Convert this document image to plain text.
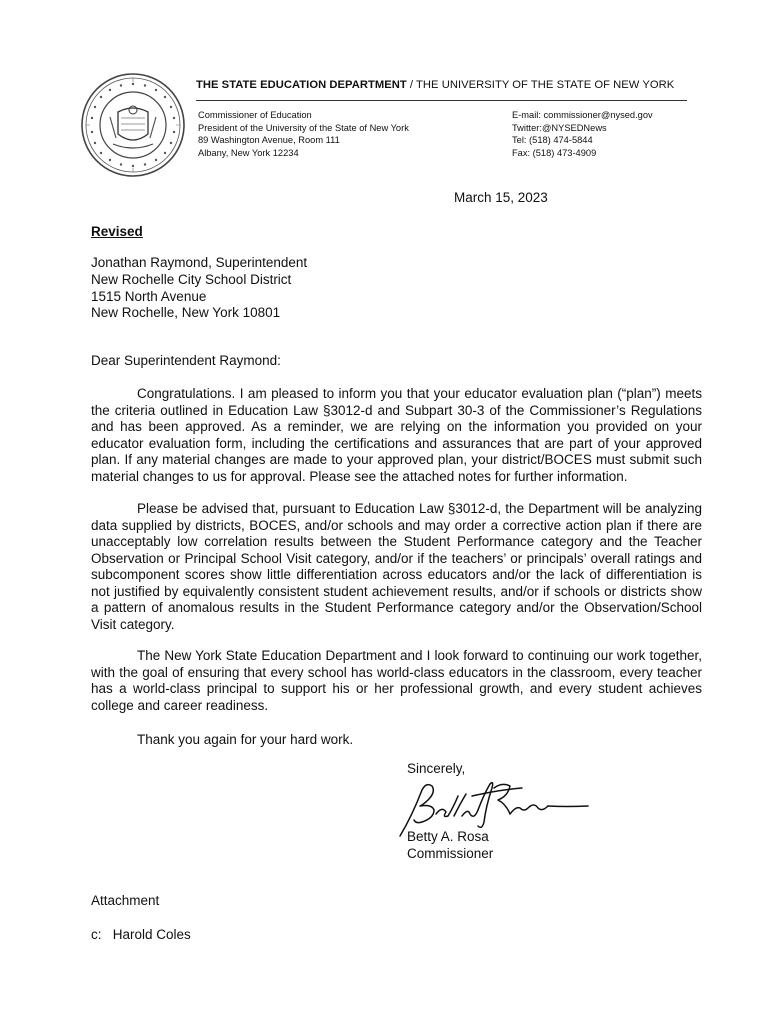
THE STATE EDUCATION DEPARTMENT / THE UNIVERSITY OF THE STATE OF NEW YORK
Commissioner of Education
President of the University of the State of New York
89 Washington Avenue, Room 111
Albany, New York 12234
E-mail: commissioner@nysed.gov
Twitter:@NYSEDNews
Tel: (518) 474-5844
Fax: (518) 473-4909
March 15, 2023
Revised
Jonathan Raymond, Superintendent
New Rochelle City School District
1515 North Avenue
New Rochelle, New York 10801
Dear Superintendent Raymond:
Congratulations. I am pleased to inform you that your educator evaluation plan (“plan”) meets the criteria outlined in Education Law §3012-d and Subpart 30-3 of the Commissioner’s Regulations and has been approved. As a reminder, we are relying on the information you provided on your educator evaluation form, including the certifications and assurances that are part of your approved plan. If any material changes are made to your approved plan, your district/BOCES must submit such material changes to us for approval. Please see the attached notes for further information.
Please be advised that, pursuant to Education Law §3012-d, the Department will be analyzing data supplied by districts, BOCES, and/or schools and may order a corrective action plan if there are unacceptably low correlation results between the Student Performance category and the Teacher Observation or Principal School Visit category, and/or if the teachers’ or principals’ overall ratings and subcomponent scores show little differentiation across educators and/or the lack of differentiation is not justified by equivalently consistent student achievement results, and/or if schools or districts show a pattern of anomalous results in the Student Performance category and/or the Observation/School Visit category.
The New York State Education Department and I look forward to continuing our work together, with the goal of ensuring that every school has world-class educators in the classroom, every teacher has a world-class principal to support his or her professional growth, and every student achieves college and career readiness.
Thank you again for your hard work.
Sincerely,
Betty A. Rosa
Commissioner
Attachment
c:   Harold Coles
